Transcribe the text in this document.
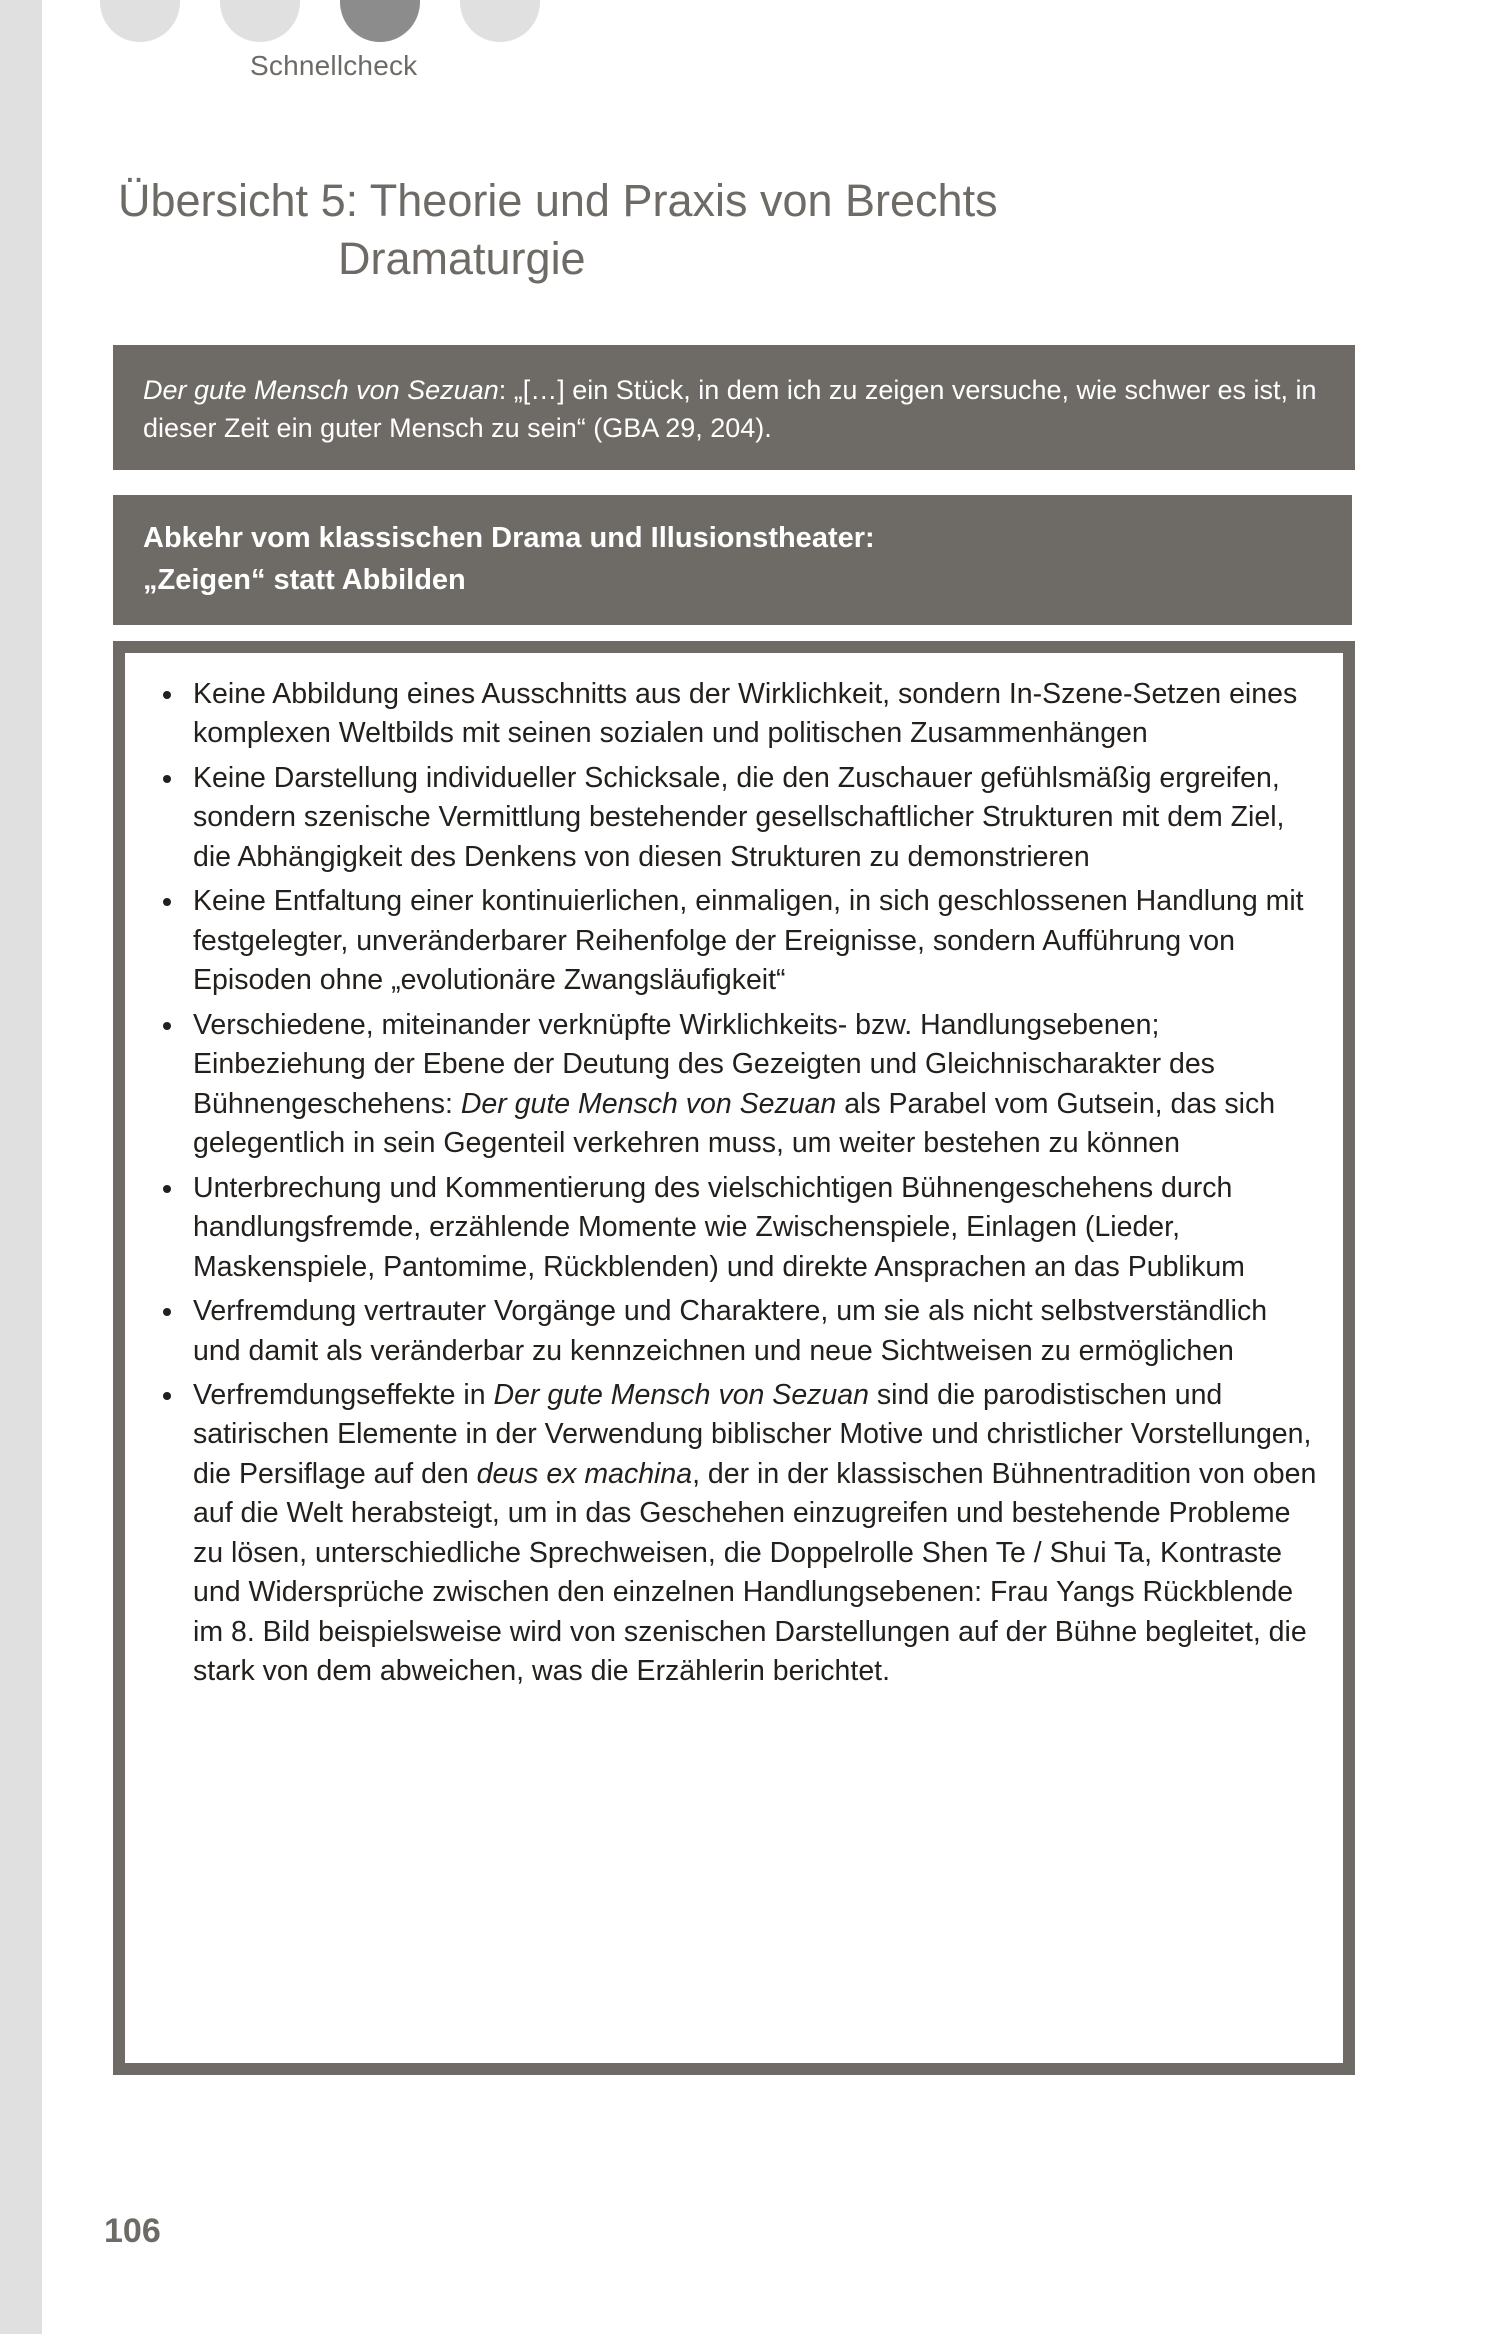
Schnellcheck
Übersicht 5: Theorie und Praxis von Brechts
Dramaturgie
Der gute Mensch von Sezuan: „[…] ein Stück, in dem ich zu zeigen versuche, wie schwer es ist, in dieser Zeit ein guter Mensch zu sein“ (GBA 29, 204).
Abkehr vom klassischen Drama und Illusionstheater:
„Zeigen“ statt Abbilden
Keine Abbildung eines Ausschnitts aus der Wirklichkeit, sondern In-Szene-Setzen eines komplexen Weltbilds mit seinen sozialen und politischen Zusammenhängen
Keine Darstellung individueller Schicksale, die den Zuschauer gefühlsmäßig ergreifen, sondern szenische Vermittlung bestehender gesellschaftlicher Strukturen mit dem Ziel, die Abhängigkeit des Denkens von diesen Strukturen zu demonstrieren
Keine Entfaltung einer kontinuierlichen, einmaligen, in sich geschlossenen Handlung mit festgelegter, unveränderbarer Reihenfolge der Ereignisse, sondern Aufführung von Episoden ohne „evolutionäre Zwangsläufigkeit“
Verschiedene, miteinander verknüpfte Wirklichkeits- bzw. Handlungsebenen; Einbeziehung der Ebene der Deutung des Gezeigten und Gleichnischarakter des Bühnengeschehens: Der gute Mensch von Sezuan als Parabel vom Gutsein, das sich gelegentlich in sein Gegenteil verkehren muss, um weiter bestehen zu können
Unterbrechung und Kommentierung des vielschichtigen Bühnengeschehens durch handlungsfremde, erzählende Momente wie Zwischenspiele, Einlagen (Lieder, Maskenspiele, Pantomime, Rückblenden) und direkte Ansprachen an das Publikum
Verfremdung vertrauter Vorgänge und Charaktere, um sie als nicht selbstverständlich und damit als veränderbar zu kennzeichnen und neue Sichtweisen zu ermöglichen
Verfremdungseffekte in Der gute Mensch von Sezuan sind die parodistischen und satirischen Elemente in der Verwendung biblischer Motive und christlicher Vorstellungen, die Persiflage auf den deus ex machina, der in der klassischen Bühnentradition von oben auf die Welt herabsteigt, um in das Geschehen einzugreifen und bestehende Probleme zu lösen, unterschiedliche Sprechweisen, die Doppelrolle Shen Te / Shui Ta, Kontraste und Widersprüche zwischen den einzelnen Handlungsebenen: Frau Yangs Rückblende im 8. Bild beispielsweise wird von szenischen Darstellungen auf der Bühne begleitet, die stark von dem abweichen, was die Erzählerin berichtet.
106
